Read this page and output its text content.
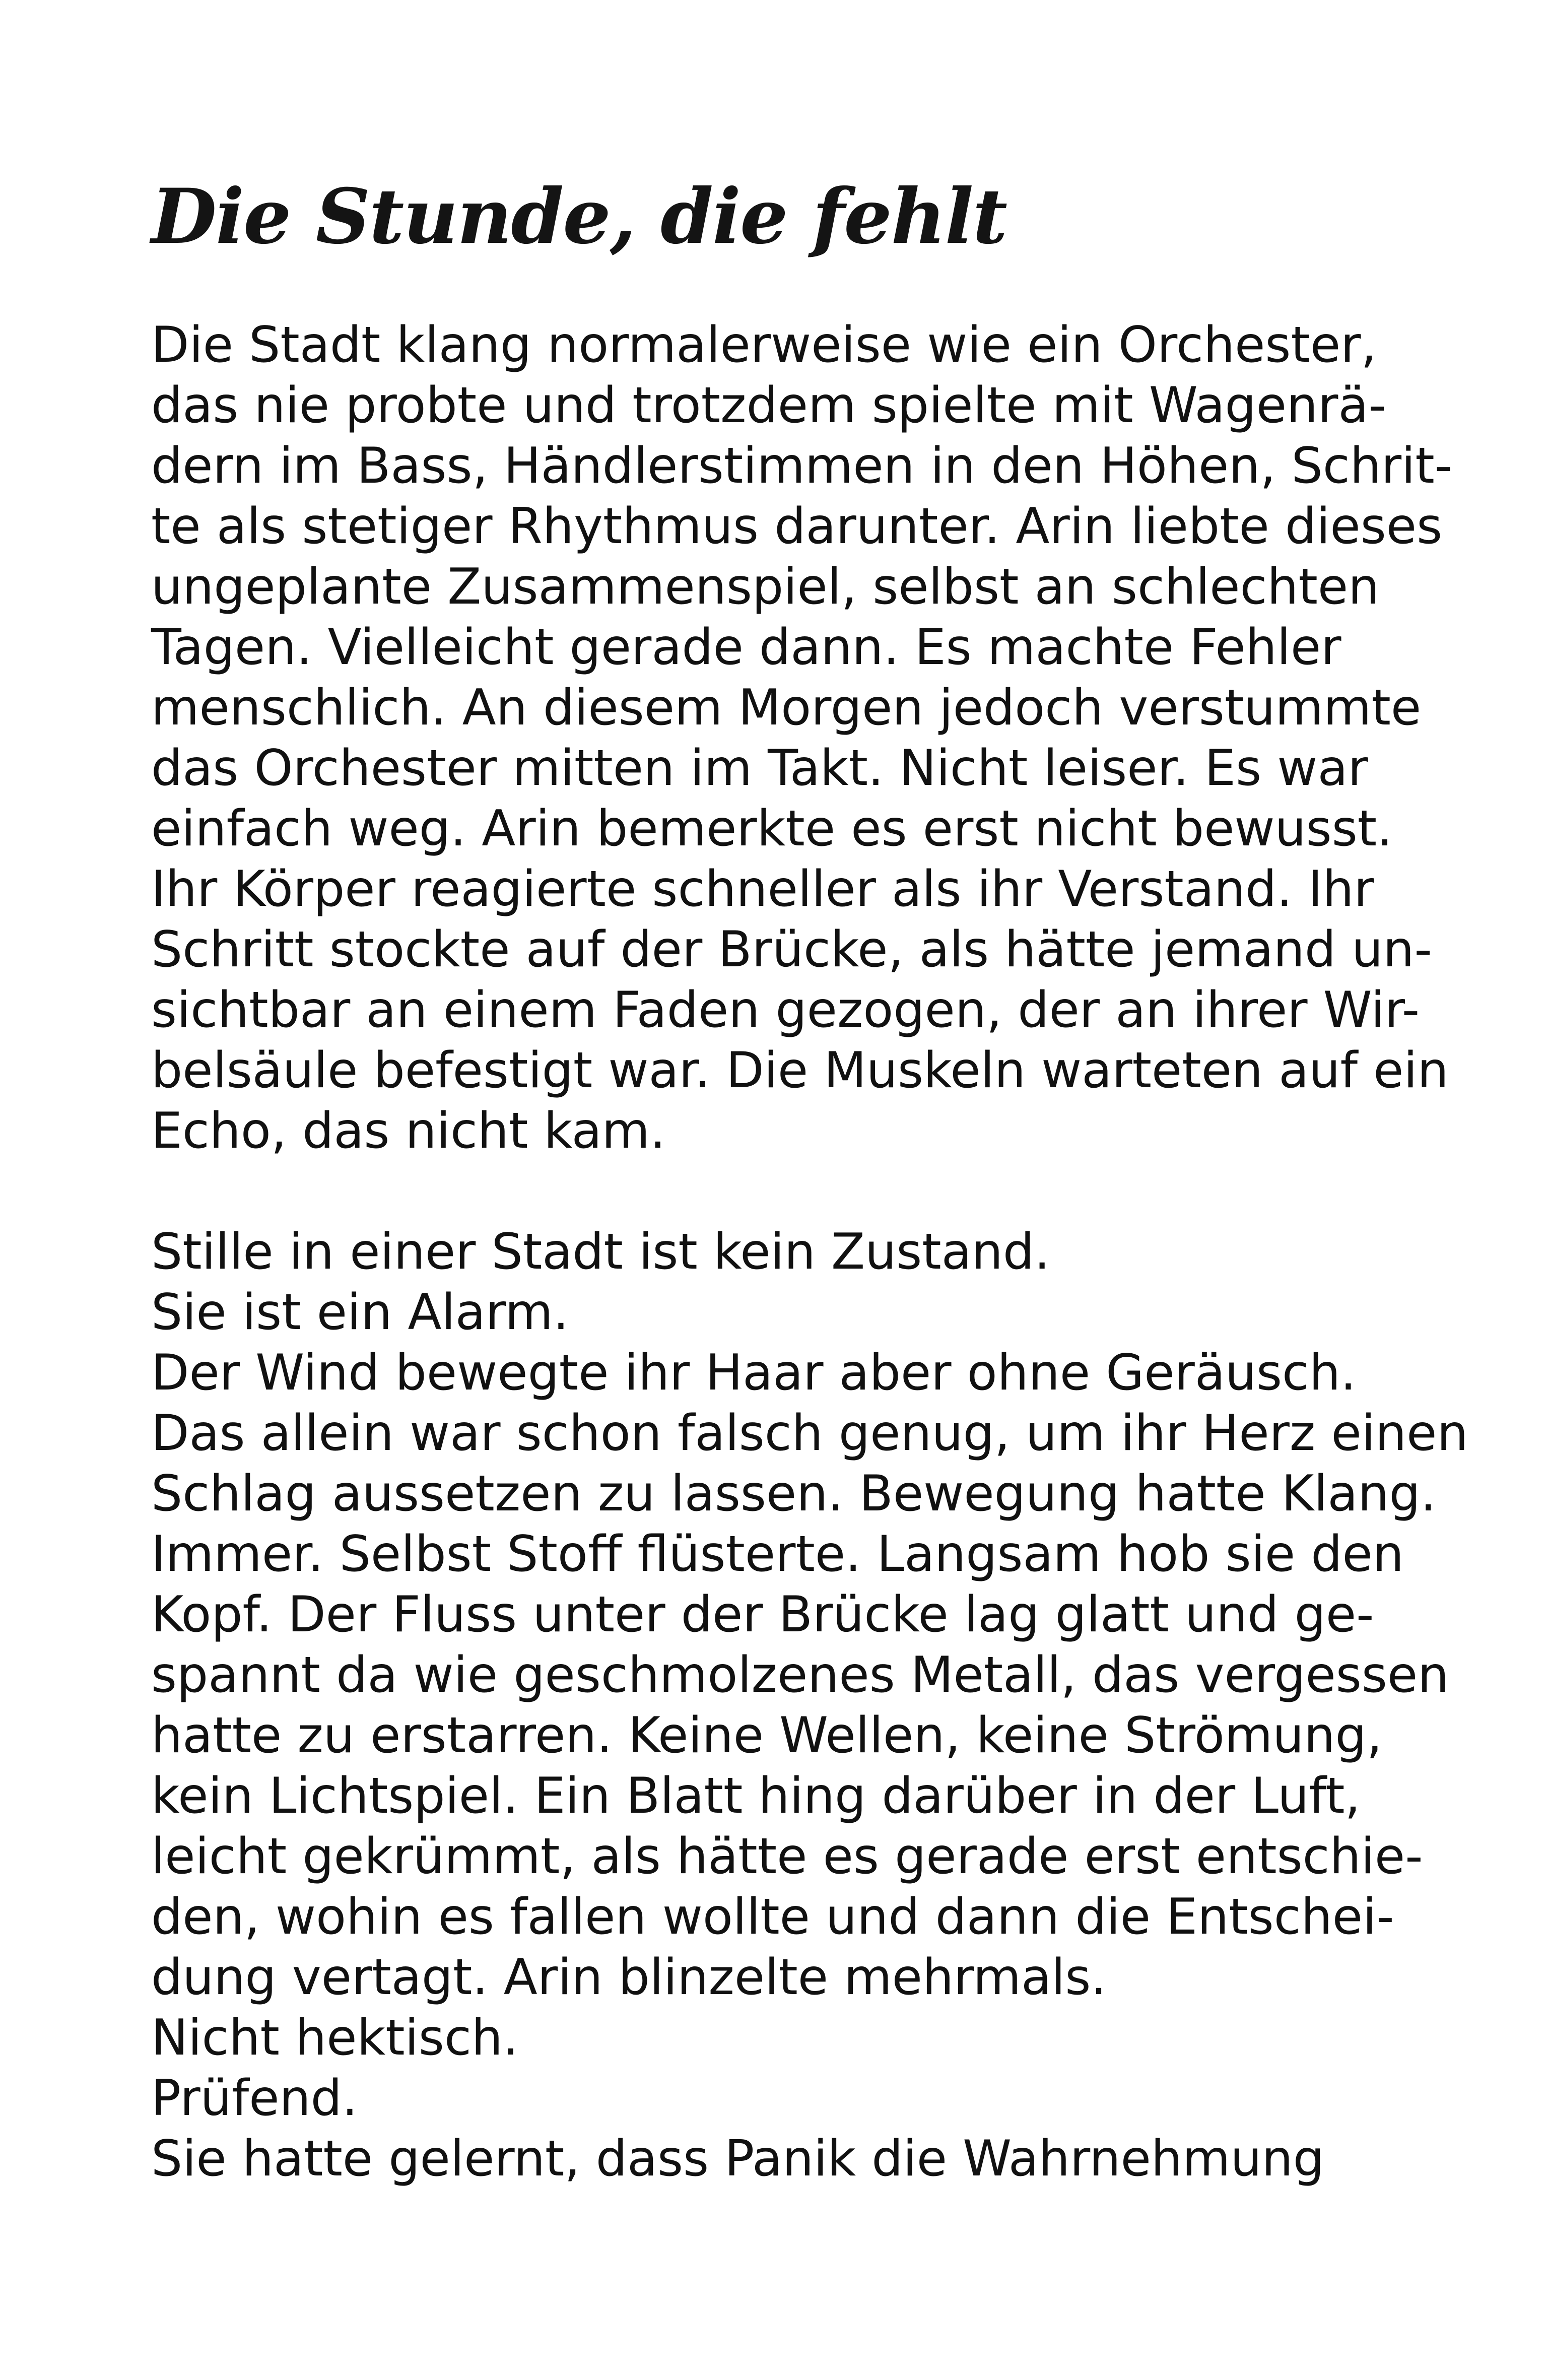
Die Stunde, die fehlt
Die Stadt klang normalerweise wie ein Orchester,
das nie probte und trotzdem spielte mit Wagenrä-
dern im Bass, Händlerstimmen in den Höhen, Schrit-
te als stetiger Rhythmus darunter. Arin liebte dieses
ungeplante Zusammenspiel, selbst an schlechten
Tagen. Vielleicht gerade dann. Es machte Fehler
menschlich. An diesem Morgen jedoch verstummte
das Orchester mitten im Takt. Nicht leiser. Es war
einfach weg. Arin bemerkte es erst nicht bewusst.
Ihr Körper reagierte schneller als ihr Verstand. Ihr
Schritt stockte auf der Brücke, als hätte jemand un-
sichtbar an einem Faden gezogen, der an ihrer Wir-
belsäule befestigt war. Die Muskeln warteten auf ein
Echo, das nicht kam.
Stille in einer Stadt ist kein Zustand.
Sie ist ein Alarm.
Der Wind bewegte ihr Haar aber ohne Geräusch.
Das allein war schon falsch genug, um ihr Herz einen
Schlag aussetzen zu lassen. Bewegung hatte Klang.
Immer. Selbst Stoff flüsterte. Langsam hob sie den
Kopf. Der Fluss unter der Brücke lag glatt und ge-
spannt da wie geschmolzenes Metall, das vergessen
hatte zu erstarren. Keine Wellen, keine Strömung,
kein Lichtspiel. Ein Blatt hing darüber in der Luft,
leicht gekrümmt, als hätte es gerade erst entschie-
den, wohin es fallen wollte und dann die Entschei-
dung vertagt. Arin blinzelte mehrmals.
Nicht hektisch.
Prüfend.
Sie hatte gelernt, dass Panik die Wahrnehmung
